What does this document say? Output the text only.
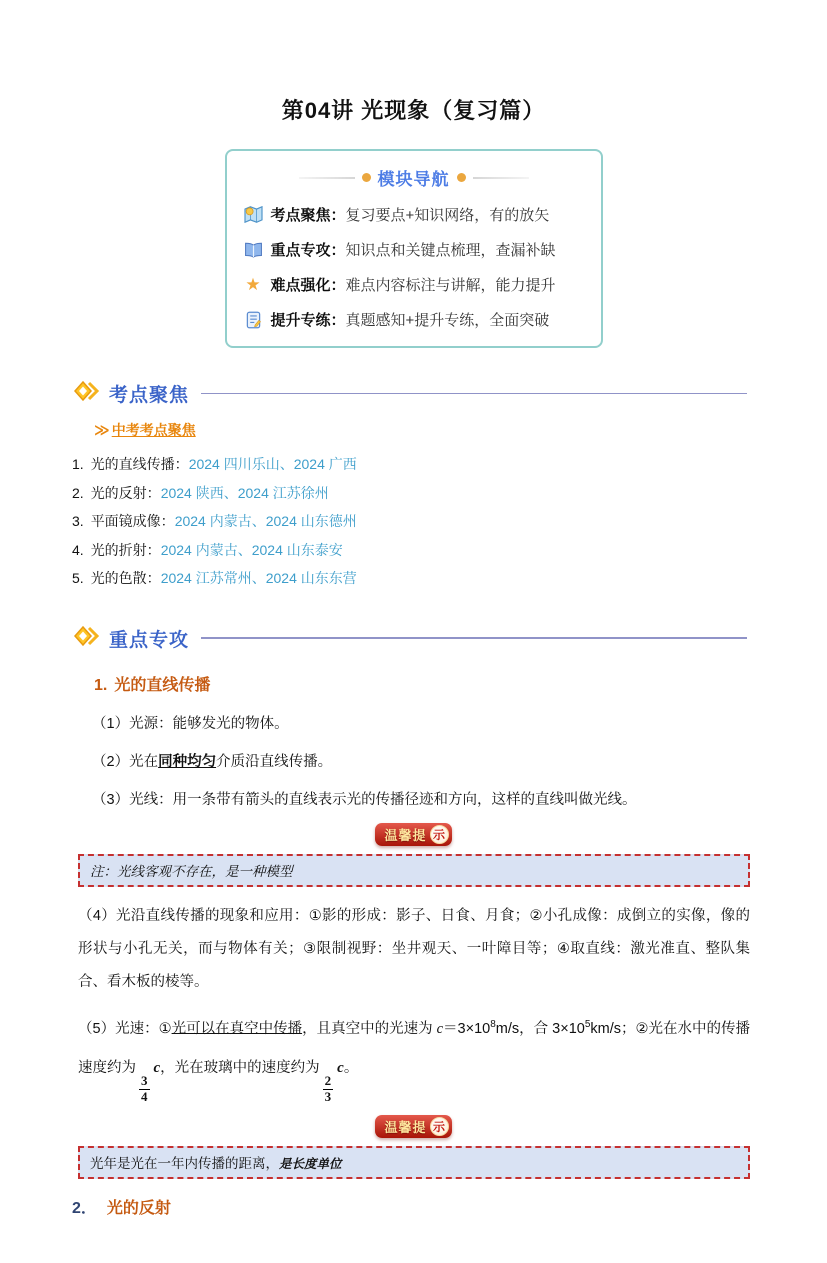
第04讲 光现象（复习篇）
模块导航
考点聚焦： 复习要点+知识网络，有的放矢
重点专攻： 知识点和关键点梳理，查漏补缺
★ 难点强化： 难点内容标注与讲解，能力提升
提升专练： 真题感知+提升专练，全面突破
考点聚焦
≫ 中考考点聚焦
1. 光的直线传播：2024 四川乐山、2024 广西
2. 光的反射：2024 陕西、2024 江苏徐州
3. 平面镜成像：2024 内蒙古、2024 山东德州
4. 光的折射：2024 内蒙古、2024 山东泰安
5. 光的色散：2024 江苏常州、2024 山东东营
重点专攻
1. 光的直线传播

（1）光源：能够发光的物体。

（2）光在同种均匀介质沿直线传播。

（3）光线：用一条带有箭头的直线表示光的传播径迹和方向，这样的直线叫做光线。

温馨提 示
注：光线客观不存在，是一种模型

（4）光沿直线传播的现象和应用：①影的形成：影子、日食、月食；②小孔成像：成倒立的实像，像的形状与小孔无关，而与物体有关；③限制视野：坐井观天、一叶障目等；④取直线：激光准直、整队集合、看木板的棱等。

（5）光速：①光可以在真空中传播，且真空中的光速为 $c=3\times 10^8m/s$，合 $3\times 10^5km/s$；②光在水中的传播速度约为
$\frac{3}{4}$
c，光在玻璃中的速度约为
$\frac{2}{3}$
c。

温馨提 示
光年是光在一年内传播的距离，是长度单位
2． 光的反射
